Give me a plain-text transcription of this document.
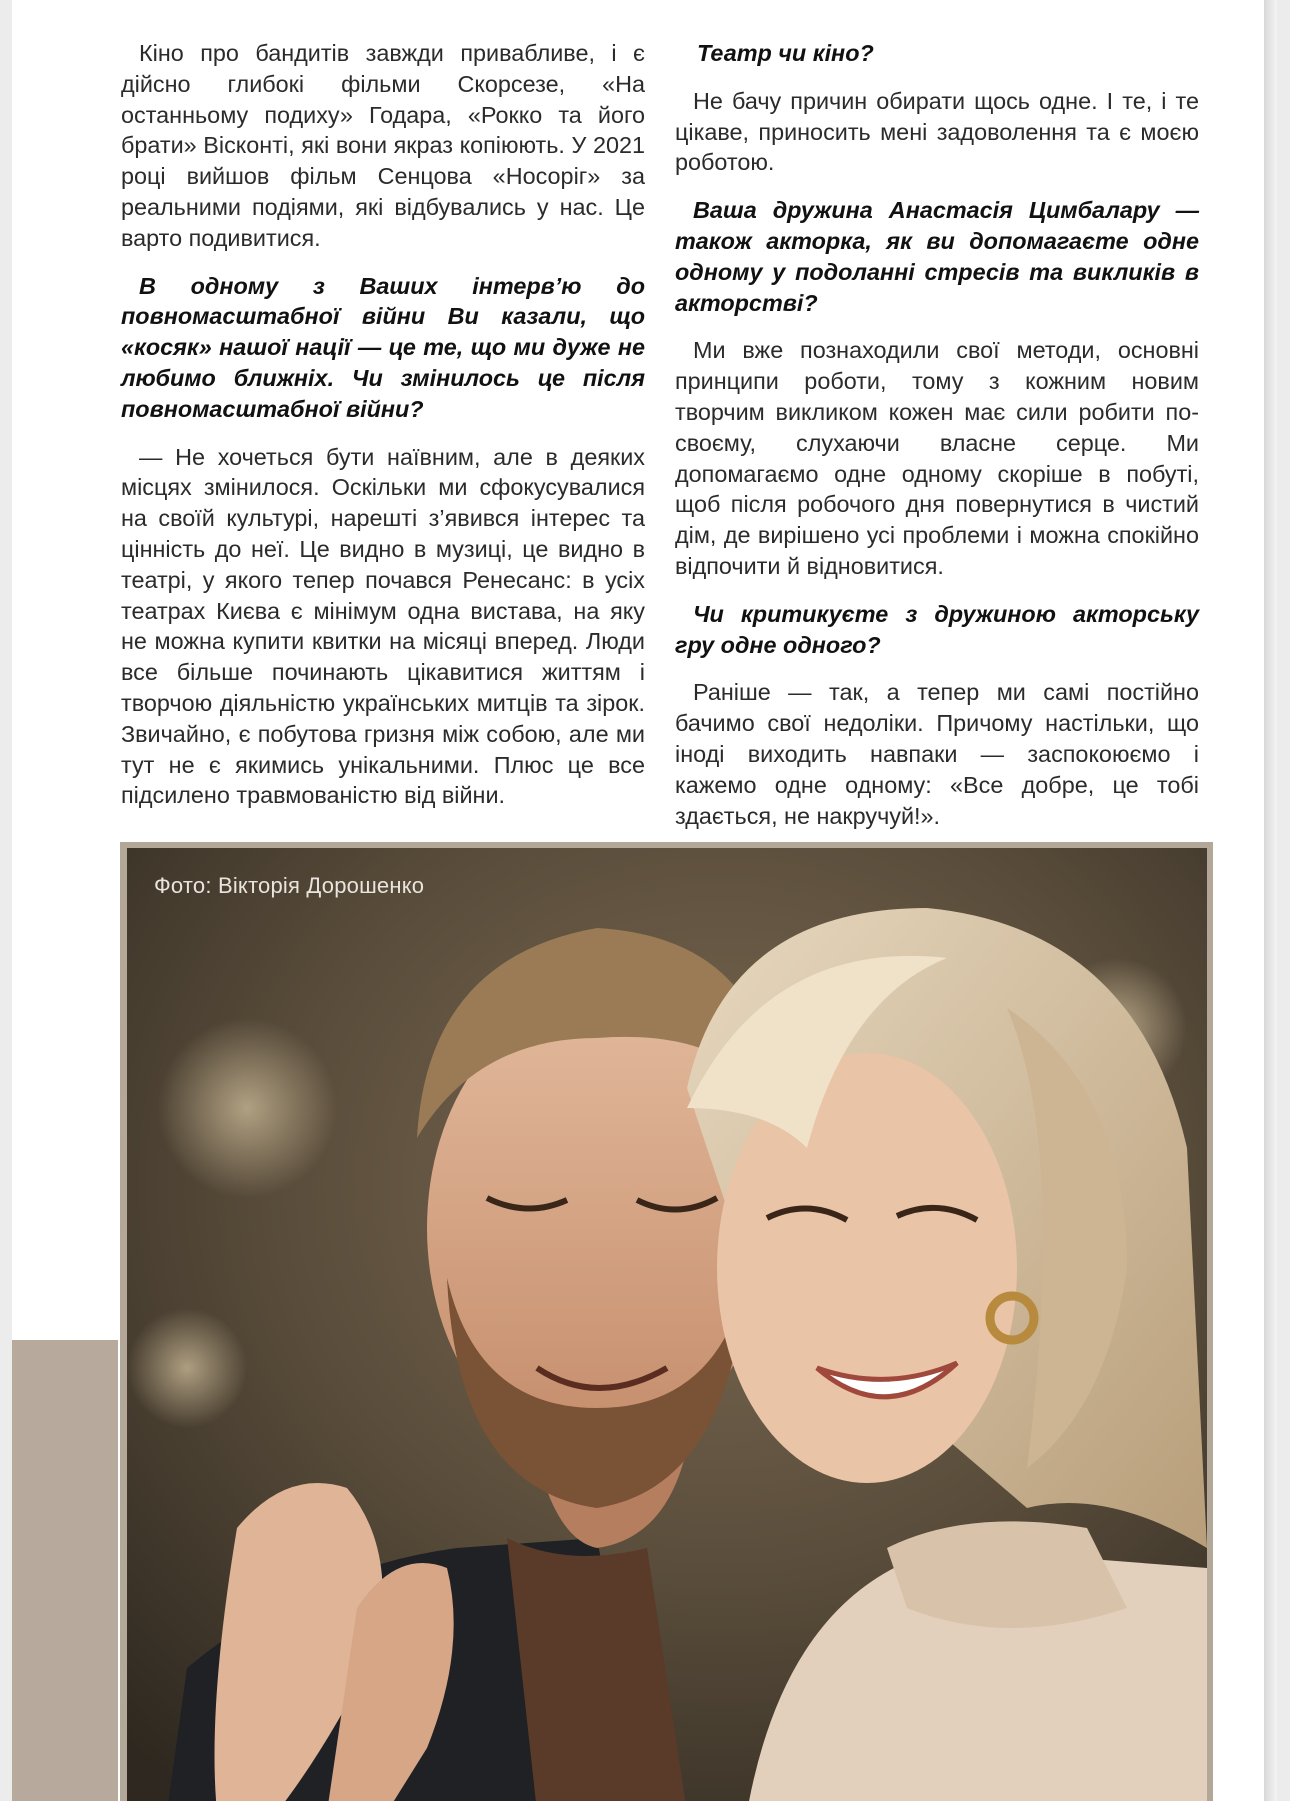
Кіно про бандитів завжди привабливе, і є дійсно глибокі фільми Скорсезе, «На останньому подиху» Годара, «Рокко та його брати» Вісконті, які вони якраз копіюють. У 2021 році вийшов фільм Сенцова «Носоріг» за реальними подіями, які відбувались у нас. Це варто подивитися.

В одному з Ваших інтерв’ю до повномасштабної війни Ви казали, що «косяк» нашої нації — це те, що ми дуже не любимо ближніх. Чи змінилось це після повномасштабної війни?

— Не хочеться бути наївним, але в деяких місцях змінилося. Оскільки ми сфокусувалися на своїй культурі, нарешті з’явився інтерес та цінність до неї. Це видно в музиці, це видно в театрі, у якого тепер почався Ренесанс: в усіх театрах Києва є мінімум одна вистава, на яку не можна купити квитки на місяці вперед. Люди все більше починають цікавитися життям і творчою діяльністю українських митців та зірок. Звичайно, є побутова гризня між собою, але ми тут не є якимись унікальними. Плюс це все підсилено травмованістю від війни.

Театр чи кіно?

Не бачу причин обирати щось одне. І те, і те цікаве, приносить мені задоволення та є моєю роботою.

Ваша дружина Анастасія Цимбалару — також акторка, як ви допомагаєте одне одному у подоланні стресів та викликів в акторстві?

Ми вже познаходили свої методи, основні принципи роботи, тому з кожним новим творчим викликом кожен має сили робити по-своєму, слухаючи власне серце. Ми допомагаємо одне одному скоріше в побуті, щоб після робочого дня повернутися в чистий дім, де вирішено усі проблеми і можна спокійно відпочити й відновитися.

Чи критикуєте з дружиною акторську гру одне одного?

Раніше — так, а тепер ми самі постійно бачимо свої недоліки. Причому настільки, що іноді виходить навпаки — заспокоюємо і кажемо одне одному: «Все добре, це тобі здається, не накручуй!».

Фото: Вікторія Дорошенко
